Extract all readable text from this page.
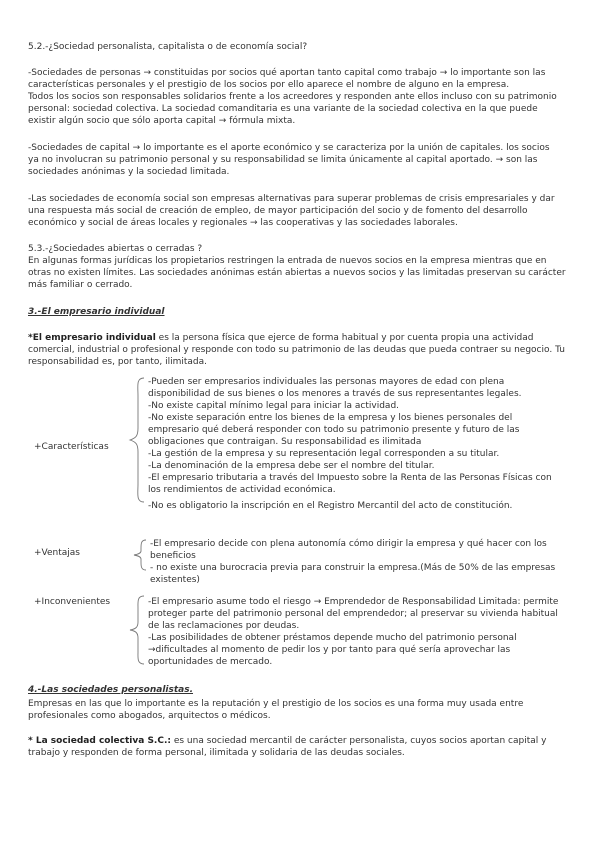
5.2.-¿Sociedad personalista, capitalista o de economía social?
-Sociedades de personas → constituidas por socios qué aportan tanto capital como trabajo → lo importante son las
características personales y el prestigio de los socios por ello aparece el nombre de alguno en la empresa.
Todos los socios son responsables solidarios frente a los acreedores y responden ante ellos incluso con su patrimonio
personal: sociedad colectiva. La sociedad comanditaria es una variante de la sociedad colectiva en la que puede
existir algún socio que sólo aporta capital → fórmula mixta.
-Sociedades de capital → lo importante es el aporte económico y se caracteriza por la unión de capitales. los socios
ya no involucran su patrimonio personal y su responsabilidad se limita únicamente al capital aportado. → son las
sociedades anónimas y la sociedad limitada.
-Las sociedades de economía social son empresas alternativas para superar problemas de crisis empresariales y dar
una respuesta más social de creación de empleo, de mayor participación del socio y de fomento del desarrollo
económico y social de áreas locales y regionales → las cooperativas y las sociedades laborales.
5.3.-¿Sociedades abiertas o cerradas ?
En algunas formas jurídicas los propietarios restringen la entrada de nuevos socios en la empresa mientras que en
otras no existen límites. Las sociedades anónimas están abiertas a nuevos socios y las limitadas preservan su carácter
más familiar o cerrado.
3.-El empresario individual
*El empresario individual es la persona física que ejerce de forma habitual y por cuenta propia una actividad
comercial, industrial o profesional y responde con todo su patrimonio de las deudas que pueda contraer su negocio. Tu
responsabilidad es, por tanto, ilimitada.
+Características
-Pueden ser empresarios individuales las personas mayores de edad con plena
disponibilidad de sus bienes o los menores a través de sus representantes legales.
-No existe capital mínimo legal para iniciar la actividad.
-No existe separación entre los bienes de la empresa y los bienes personales del
empresario qué deberá responder con todo su patrimonio presente y futuro de las
obligaciones que contraigan. Su responsabilidad es ilimitada
-La gestión de la empresa y su representación legal corresponden a su titular.
-La denominación de la empresa debe ser el nombre del titular.
-El empresario tributaria a través del Impuesto sobre la Renta de las Personas Físicas con
los rendimientos de actividad económica.
-No es obligatorio la inscripción en el Registro Mercantil del acto de constitución.
+Ventajas
-El empresario decide con plena autonomía cómo dirigir la empresa y qué hacer con los
beneficios
- no existe una burocracia previa para construir la empresa.(Más de 50% de las empresas
existentes)
+Inconvenientes	-El empresario asume todo el riesgo → Emprendedor de Responsabilidad Limitada: permite
proteger parte del patrimonio personal del emprendedor; al preservar su vivienda habitual
de las reclamaciones por deudas.
-Las posibilidades de obtener préstamos depende mucho del patrimonio personal
→dificultades al momento de pedir los y por tanto para qué sería aprovechar las
oportunidades de mercado.
4.-Las sociedades personalistas.
Empresas en las que lo importante es la reputación y el prestigio de los socios es una forma muy usada entre
profesionales como abogados, arquitectos o médicos.
* La sociedad colectiva S.C.: es una sociedad mercantil de carácter personalista, cuyos socios aportan capital y
trabajo y responden de forma personal, ilimitada y solidaria de las deudas sociales.
